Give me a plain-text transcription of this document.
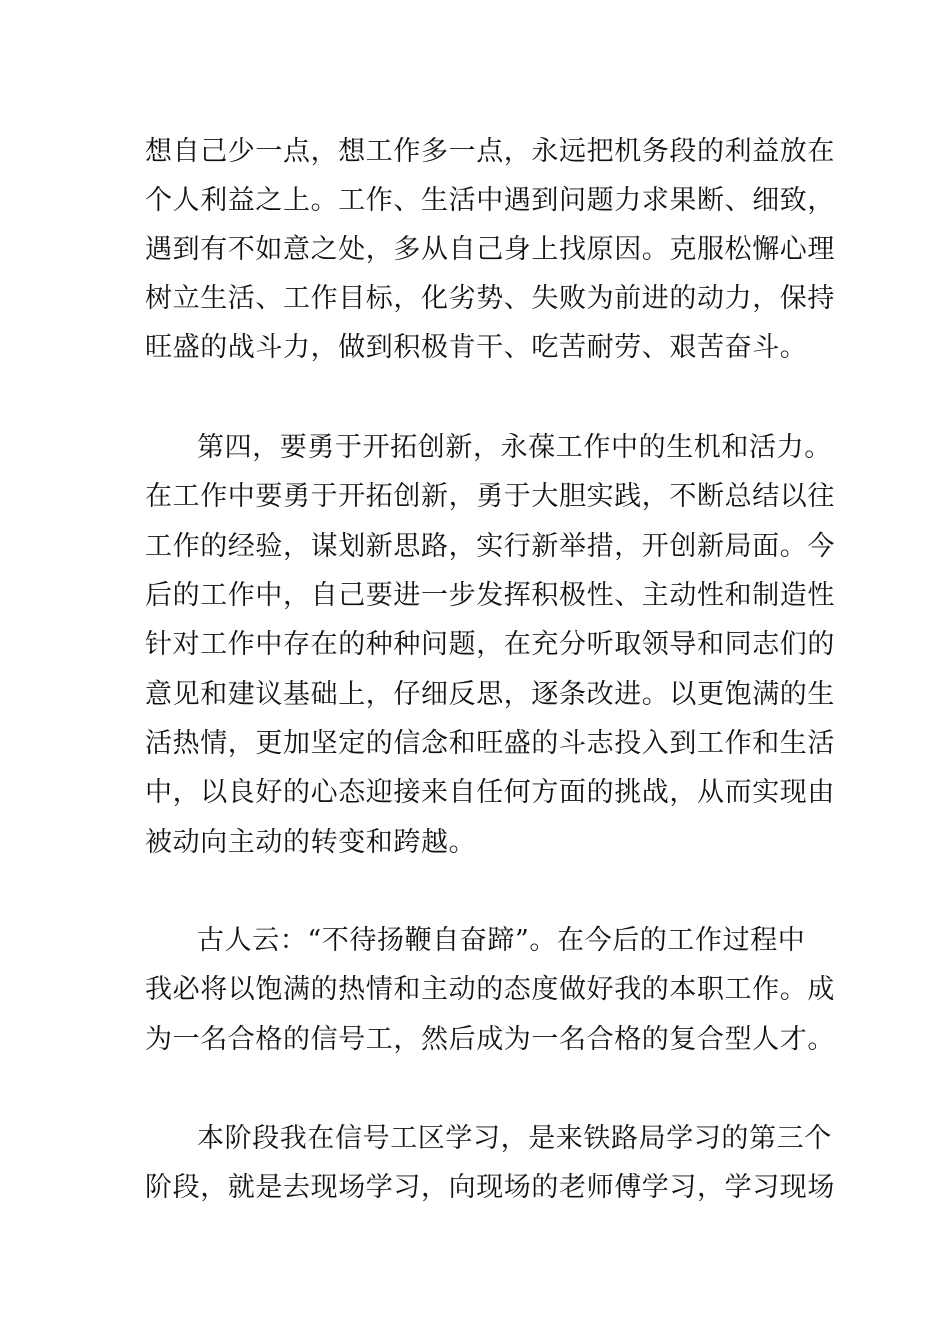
想自己少一点，想工作多一点，永远把机务段的利益放在
个人利益之上。工作、生活中遇到问题力求果断、细致，
遇到有不如意之处，多从自己身上找原因。克服松懈心理
树立生活、工作目标，化劣势、失败为前进的动力，保持
旺盛的战斗力，做到积极肯干、吃苦耐劳、艰苦奋斗。
第四，要勇于开拓创新，永葆工作中的生机和活力。
在工作中要勇于开拓创新，勇于大胆实践，不断总结以往
工作的经验，谋划新思路，实行新举措，开创新局面。今
后的工作中，自己要进一步发挥积极性、主动性和制造性
针对工作中存在的种种问题，在充分听取领导和同志们的
意见和建议基础上，仔细反思，逐条改进。以更饱满的生
活热情，更加坚定的信念和旺盛的斗志投入到工作和生活
中，以良好的心态迎接来自任何方面的挑战，从而实现由
被动向主动的转变和跨越。
古人云：“不待扬鞭自奋蹄”。在今后的工作过程中
我必将以饱满的热情和主动的态度做好我的本职工作。成
为一名合格的信号工，然后成为一名合格的复合型人才。
本阶段我在信号工区学习，是来铁路局学习的第三个
阶段，就是去现场学习，向现场的老师傅学习，学习现场
